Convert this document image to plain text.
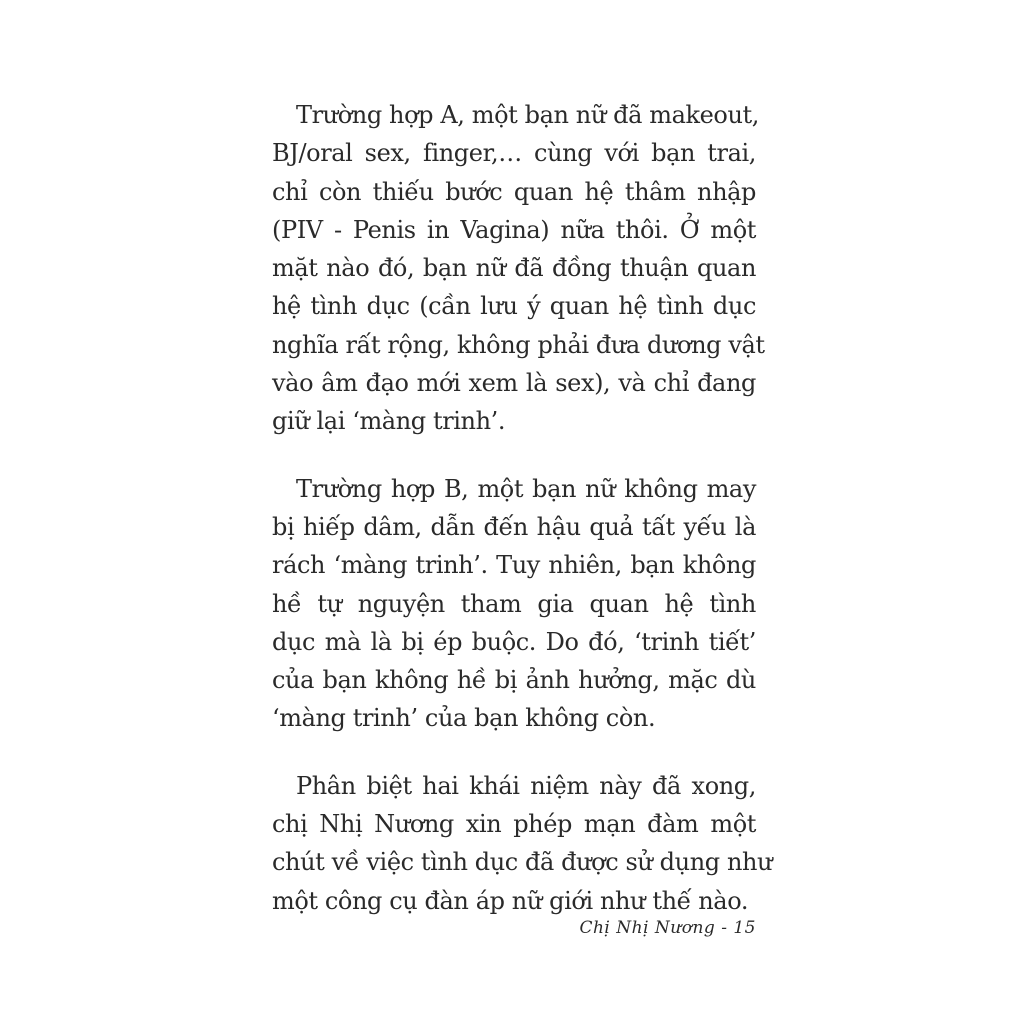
Trường hợp A, một bạn nữ đã makeout,
BJ/oral sex, finger,… cùng với bạn trai,
chỉ còn thiếu bước quan hệ thâm nhập
(PIV - Penis in Vagina) nữa thôi. Ở một
mặt nào đó, bạn nữ đã đồng thuận quan
hệ tình dục (cần lưu ý quan hệ tình dục
nghĩa rất rộng, không phải đưa dương vật
vào âm đạo mới xem là sex), và chỉ đang
giữ lại ‘màng trinh’.

Trường hợp B, một bạn nữ không may
bị hiếp dâm, dẫn đến hậu quả tất yếu là
rách ‘màng trinh’. Tuy nhiên, bạn không
hề tự nguyện tham gia quan hệ tình
dục mà là bị ép buộc. Do đó, ‘trinh tiết’
của bạn không hề bị ảnh hưởng, mặc dù
‘màng trinh’ của bạn không còn.

Phân biệt hai khái niệm này đã xong,
chị Nhị Nương xin phép mạn đàm một
chút về việc tình dục đã được sử dụng như
một công cụ đàn áp nữ giới như thế nào.

Chị Nhị Nương - 15
